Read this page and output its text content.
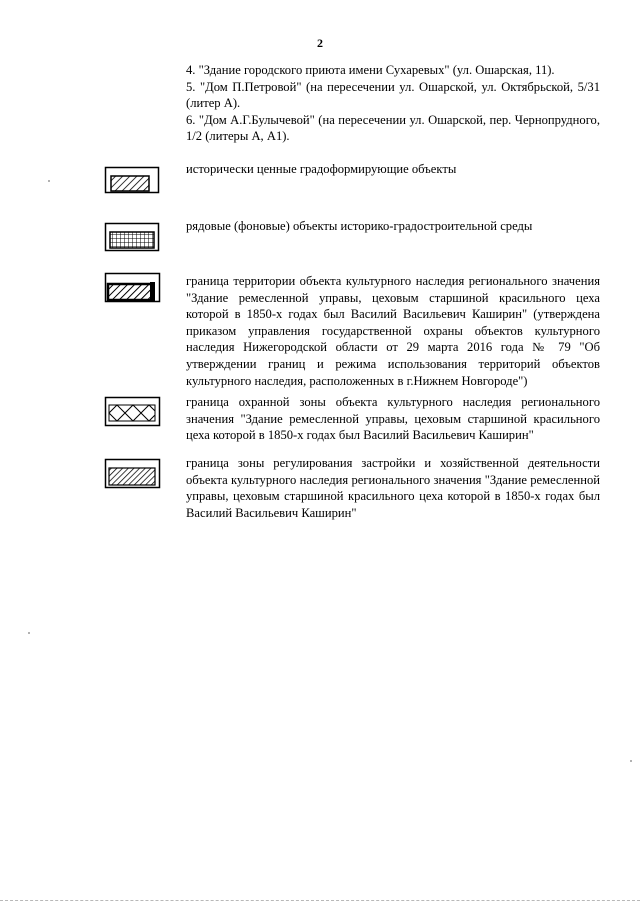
2
4. "Здание городского приюта имени Сухаревых" (ул. Ошарская, 11).
5. "Дом П.Петровой" (на пересечении ул. Ошарской, ул. Октябрьской, 5/31 (литер А).
6. "Дом А.Г.Булычевой" (на пересечении ул. Ошарской, пер. Чернопрудного, 1/2 (литеры А, А1).
исторически ценные градоформирующие объекты
рядовые (фоновые) объекты историко-градостроительной среды
граница территории объекта культурного наследия регионального значения "Здание ремесленной управы, цеховым старшиной красильного цеха которой в 1850-х годах был Василий Васильевич Каширин" (утверждена приказом управления государственной охраны объектов культурного наследия Нижегородской области от 29 марта 2016 года № 79 "Об утверждении границ и режима использования территорий объектов культурного наследия, расположенных в г.Нижнем Новгороде")
граница охранной зоны объекта культурного наследия регионального значения "Здание ремесленной управы, цеховым старшиной красильного цеха которой в 1850-х годах был Василий Васильевич Каширин"
граница зоны регулирования застройки и хозяйственной деятельности объекта культурного наследия регионального значения "Здание ремесленной управы, цеховым старшиной красильного цеха которой в 1850-х годах был Василий Васильевич Каширин"
